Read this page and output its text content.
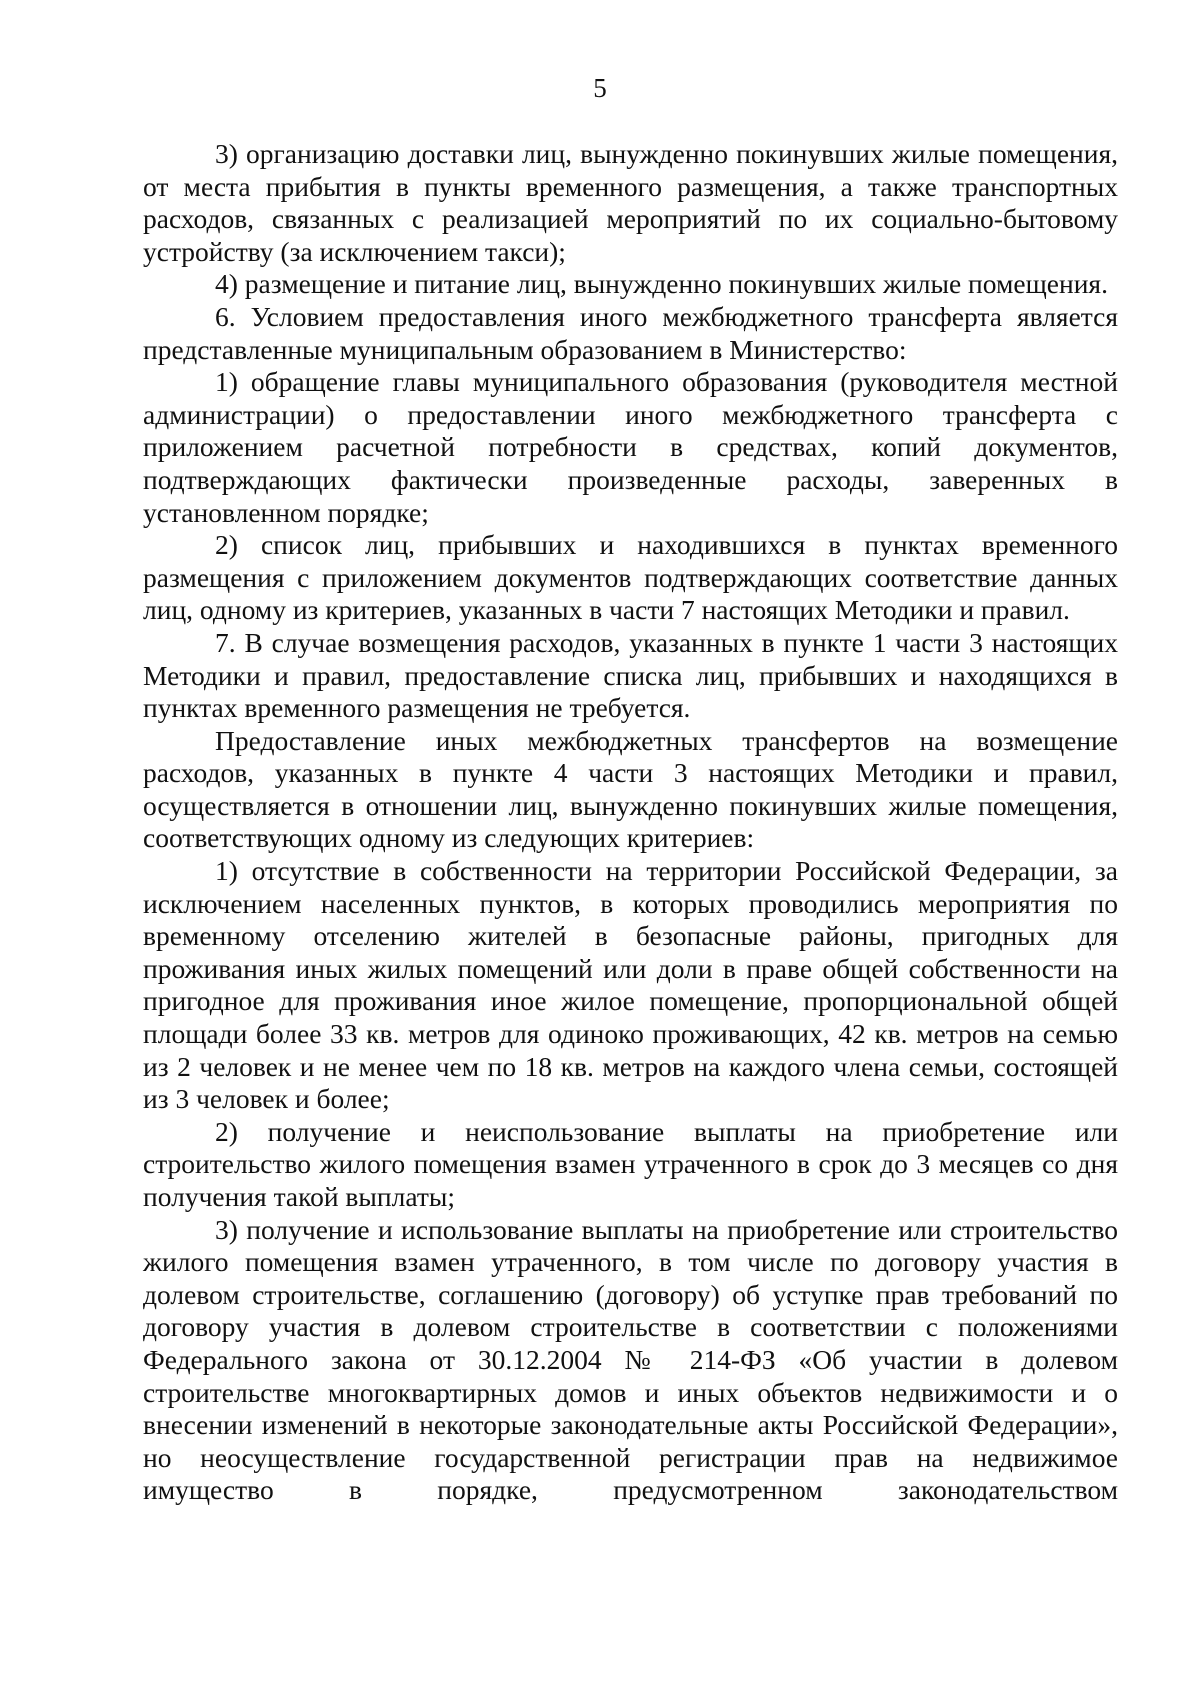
5

3) организацию доставки лиц, вынужденно покинувших жилые помещения, от места прибытия в пункты временного размещения, а также транспортных расходов, связанных с реализацией мероприятий по их социально-бытовому устройству (за исключением такси);

4) размещение и питание лиц, вынужденно покинувших жилые помещения.

6. Условием предоставления иного межбюджетного трансферта является представленные муниципальным образованием в Министерство:

1) обращение главы муниципального образования (руководителя местной администрации) о предоставлении иного межбюджетного трансферта с приложением расчетной потребности в средствах, копий документов, подтверждающих фактически произведенные расходы, заверенных в установленном порядке;

2) список лиц, прибывших и находившихся в пунктах временного размещения с приложением документов подтверждающих соответствие данных лиц, одному из критериев, указанных в части 7 настоящих Методики и правил.

7. В случае возмещения расходов, указанных в пункте 1 части 3 настоящих Методики и правил, предоставление списка лиц, прибывших и находящихся в пунктах временного размещения не требуется.

Предоставление иных межбюджетных трансфертов на возмещение расходов, указанных в пункте 4 части 3 настоящих Методики и правил, осуществляется в отношении лиц, вынужденно покинувших жилые помещения, соответствующих одному из следующих критериев:

1) отсутствие в собственности на территории Российской Федерации, за исключением населенных пунктов, в которых проводились мероприятия по временному отселению жителей в безопасные районы, пригодных для проживания иных жилых помещений или доли в праве общей собственности на пригодное для проживания иное жилое помещение, пропорциональной общей площади более 33 кв. метров для одиноко проживающих, 42 кв. метров на семью из 2 человек и не менее чем по 18 кв. метров на каждого члена семьи, состоящей из 3 человек и более;

2) получение и неиспользование выплаты на приобретение или строительство жилого помещения взамен утраченного в срок до 3 месяцев со дня получения такой выплаты;

3) получение и использование выплаты на приобретение или строительство жилого помещения взамен утраченного, в том числе по договору участия в долевом строительстве, соглашению (договору) об уступке прав требований по договору участия в долевом строительстве в соответствии с положениями Федерального закона от 30.12.2004 № 214-ФЗ «Об участии в долевом строительстве многоквартирных домов и иных объектов недвижимости и о внесении изменений в некоторые законодательные акты Российской Федерации», но неосуществление государственной регистрации прав на недвижимое имущество в порядке, предусмотренном законодательством
